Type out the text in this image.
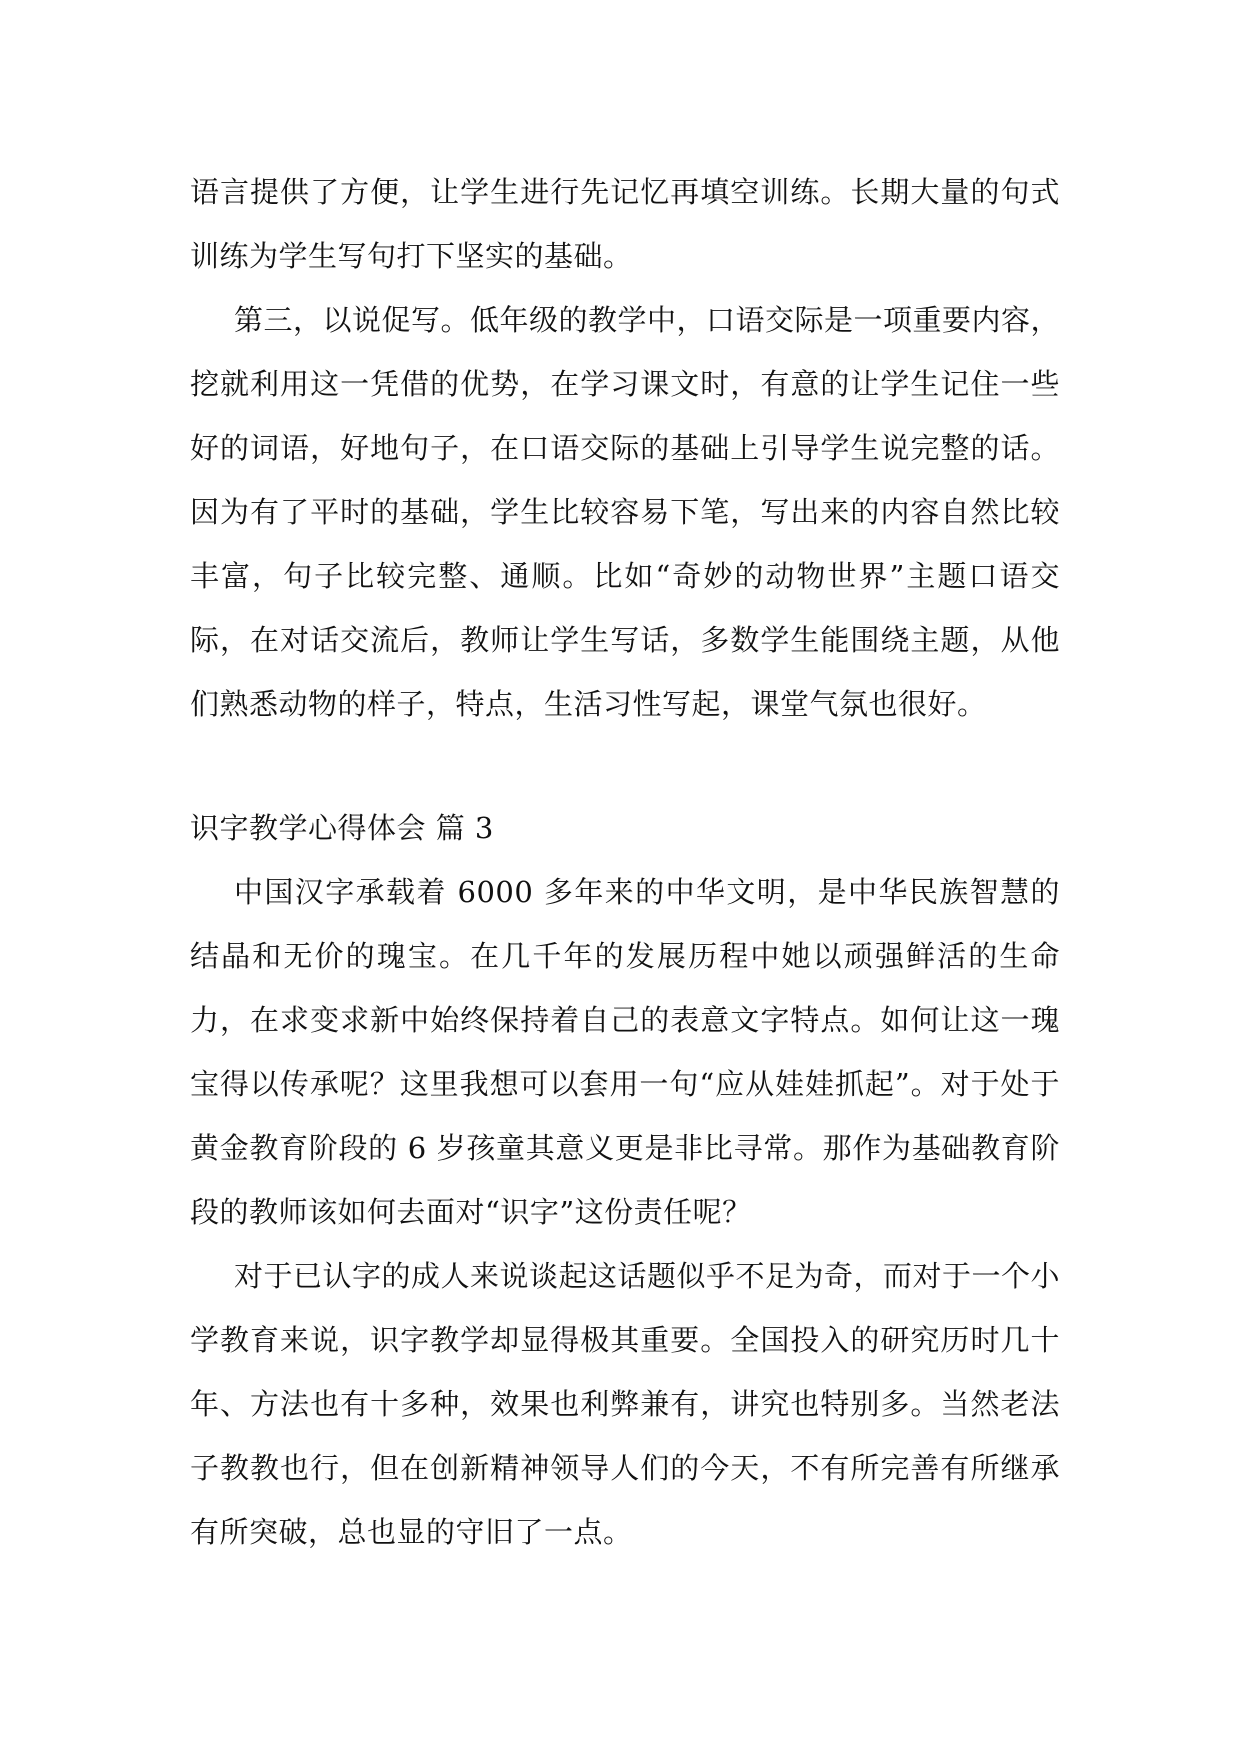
语言提供了方便，让学生进行先记忆再填空训练。长期大量的句式训练为学生写句打下坚实的基础。

第三，以说促写。低年级的教学中，口语交际是一项重要内容，挖就利用这一凭借的优势，在学习课文时，有意的让学生记住一些好的词语，好地句子，在口语交际的基础上引导学生说完整的话。因为有了平时的基础，学生比较容易下笔，写出来的内容自然比较丰富，句子比较完整、通顺。比如“奇妙的动物世界”主题口语交际，在对话交流后，教师让学生写话，多数学生能围绕主题，从他们熟悉动物的样子，特点，生活习性写起，课堂气氛也很好。

识字教学心得体会 篇 3

中国汉字承载着 6000 多年来的中华文明，是中华民族智慧的结晶和无价的瑰宝。在几千年的发展历程中她以顽强鲜活的生命力，在求变求新中始终保持着自己的表意文字特点。如何让这一瑰宝得以传承呢？这里我想可以套用一句“应从娃娃抓起”。对于处于黄金教育阶段的 6 岁孩童其意义更是非比寻常。那作为基础教育阶段的教师该如何去面对“识字”这份责任呢？

对于已认字的成人来说谈起这话题似乎不足为奇，而对于一个小学教育来说，识字教学却显得极其重要。全国投入的研究历时几十年、方法也有十多种，效果也利弊兼有，讲究也特别多。当然老法子教教也行，但在创新精神领导人们的今天，不有所完善有所继承有所突破，总也显的守旧了一点。
